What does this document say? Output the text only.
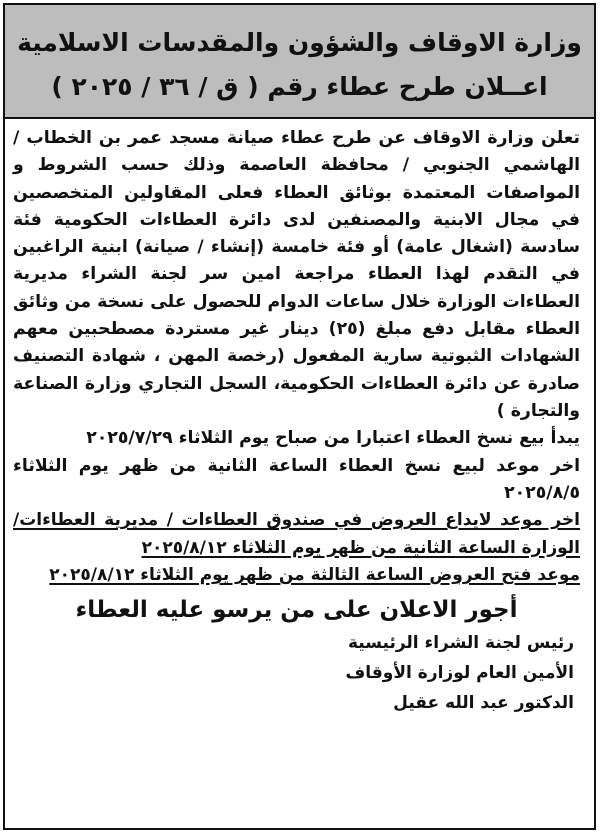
وزارة الاوقاف والشؤون والمقدسات الاسلامية
اعــلان طرح عطاء رقم ( ق / ٣٦ / ٢٠٢٥ )

تعلن وزارة الاوقاف عن طرح عطاء صيانة مسجد عمر بن الخطاب / الهاشمي الجنوبي / محافظة العاصمة وذلك حسب الشروط و المواصفات المعتمدة بوثائق العطاء فعلى المقاولين المتخصصين في مجال الابنية والمصنفين لدى دائرة العطاءات الحكومية فئة سادسة (اشغال عامة) أو فئة خامسة (إنشاء / صيانة) ابنية الراغبين في التقدم لهذا العطاء مراجعة امين سر لجنة الشراء مديرية العطاءات الوزارة خلال ساعات الدوام للحصول على نسخة من وثائق العطاء مقابل دفع مبلغ (٢٥) دينار غير مستردة مصطحبين معهم الشهادات الثبوتية سارية المفعول (رخصة المهن ، شهادة التصنيف صادرة عن دائرة العطاءات الحكومية، السجل التجاري وزارة الصناعة والتجارة )

يبدأ بيع نسخ العطاء اعتبارا من صباح يوم الثلاثاء ٢٠٢٥/٧/٢٩

اخر موعد لبيع نسخ العطاء الساعة الثانية من ظهر يوم الثلاثاء ٢٠٢٥/٨/٥

اخر موعد لايداع العروض في صندوق العطاءات / مديرية العطاءات/ الوزارة الساعة الثانية من ظهر يوم الثلاثاء ٢٠٢٥/٨/١٢

موعد فتح العروض الساعة الثالثة من ظهر يوم الثلاثاء ٢٠٢٥/٨/١٢

أجور الاعلان على من يرسو عليه العطاء

رئيس لجنة الشراء الرئيسية

الأمين العام لوزارة الأوقاف

الدكتور عبد الله عقيل
